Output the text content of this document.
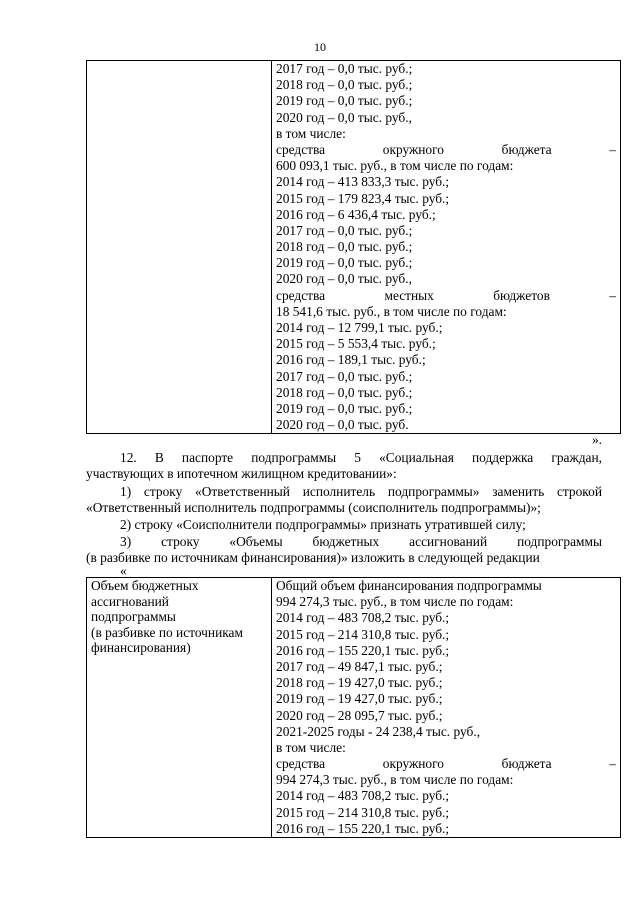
10

2017 год – 0,0 тыс. руб.;
2018 год – 0,0 тыс. руб.;
2019 год – 0,0 тыс. руб.;
2020 год – 0,0 тыс. руб.,
в том числе:
средства	окружного	бюджета	–
600 093,1 тыс. руб., в том числе по годам:
2014 год – 413 833,3 тыс. руб.;
2015 год – 179 823,4 тыс. руб.;
2016 год – 6 436,4 тыс. руб.;
2017 год – 0,0 тыс. руб.;
2018 год – 0,0 тыс. руб.;
2019 год – 0,0 тыс. руб.;
2020 год – 0,0 тыс. руб.,
средства	местных	бюджетов	–
18 541,6 тыс. руб., в том числе по годам:
2014 год – 12 799,1 тыс. руб.;
2015 год – 5 553,4 тыс. руб.;
2016 год – 189,1 тыс. руб.;
2017 год – 0,0 тыс. руб.;
2018 год – 0,0 тыс. руб.;
2019 год – 0,0 тыс. руб.;
2020 год – 0,0 тыс. руб.
».
12. В паспорте подпрограммы 5 «Социальная поддержка граждан,
участвующих в ипотечном жилищном кредитовании»:
1) строку «Ответственный исполнитель подпрограммы» заменить строкой
«Ответственный исполнитель подпрограммы (соисполнитель подпрограммы)»;
2) строку «Соисполнители подпрограммы» признать утратившей силу;
3) строку «Объемы бюджетных ассигнований подпрограммы
(в разбивке по источникам финансирования)» изложить в следующей редакции
«
Объем бюджетных
ассигнований
подпрограммы
(в разбивке по источникам
финансирования)

Общий объем финансирования подпрограммы
994 274,3 тыс. руб., в том числе по годам:
2014 год – 483 708,2 тыс. руб.;
2015 год – 214 310,8 тыс. руб.;
2016 год – 155 220,1 тыс. руб.;
2017 год – 49 847,1 тыс. руб.;
2018 год – 19 427,0 тыс. руб.;
2019 год – 19 427,0 тыс. руб.;
2020 год – 28 095,7 тыс. руб.;
2021-2025 годы - 24 238,4 тыс. руб.,
в том числе:
средства	окружного	бюджета	–
994 274,3 тыс. руб., в том числе по годам:
2014 год – 483 708,2 тыс. руб.;
2015 год – 214 310,8 тыс. руб.;
2016 год – 155 220,1 тыс. руб.;
